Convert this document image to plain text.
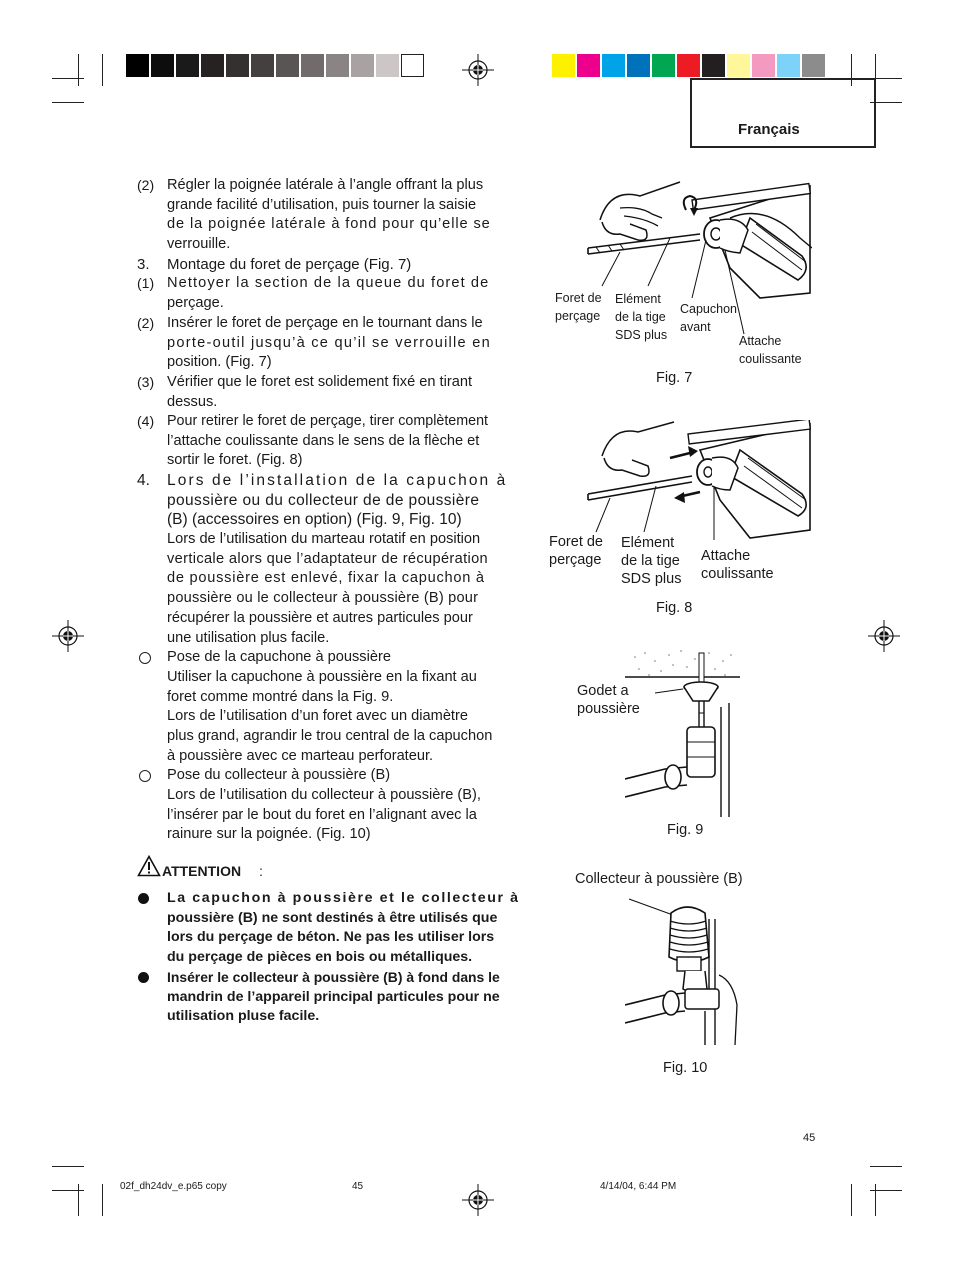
Français
(2) Régler la poignée latérale à l’angle offrant la plus
grande facilité d’utilisation, puis tourner la saisie
de la poignée latérale à fond pour qu’elle se
verrouille.
3. Montage du foret de perçage (Fig. 7)
(1) Nettoyer la section de la queue du foret de
perçage.
(2) Insérer le foret de perçage en le tournant dans le
porte-outil jusqu’à ce qu’il se verrouille en
position. (Fig. 7)
(3) Vérifier que le foret est solidement fixé en tirant
dessus.
(4) Pour retirer le foret de perçage, tirer complètement
l’attache coulissante dans le sens de la flèche et
sortir le foret. (Fig. 8)
4. Lors de l’installation de la capuchon à
poussière ou du collecteur de de poussière
(B) (accessoires en option) (Fig. 9, Fig. 10)
Lors de l’utilisation du marteau rotatif en position
verticale alors que l’adaptateur de récupération
de poussière est enlevé, fixar la capuchon à
poussière ou le collecteur à poussière (B) pour
récupérer la poussière et autres particules pour
une utilisation plus facile.
Pose de la capuchone à poussière
Utiliser la capuchone à poussière en la fixant au
foret comme montré dans la Fig. 9.
Lors de l’utilisation d’un foret avec un diamètre
plus grand, agrandir le trou central de la capuchon
à poussière avec ce marteau perforateur.
Pose du collecteur à poussière (B)
Lors de l’utilisation du collecteur à poussière (B),
l’insérer par le bout du foret en l’alignant avec la
rainure sur la poignée. (Fig. 10)
ATTENTION :
La capuchon à poussière et le collecteur à
poussière (B) ne sont destinés à être utilisés que
lors du perçage de béton. Ne pas les utiliser lors
du perçage de pièces en bois ou métalliques.
Insérer le collecteur à poussière (B) à fond dans le
mandrin de l’appareil principal particules pour ne
utilisation pluse facile.
Foret de
perçage
Elément
de la tige
SDS plus
Capuchon
avant
Attache
coulissante
Fig. 7
Foret de
perçage
Elément
de la tige
SDS plus
Attache
coulissante
Fig. 8
Godet a
poussière
Fig. 9
Collecteur à poussière (B)
Fig. 10
45
02f_dh24dv_e.p65 copy	45	4/14/04, 6:44 PM
